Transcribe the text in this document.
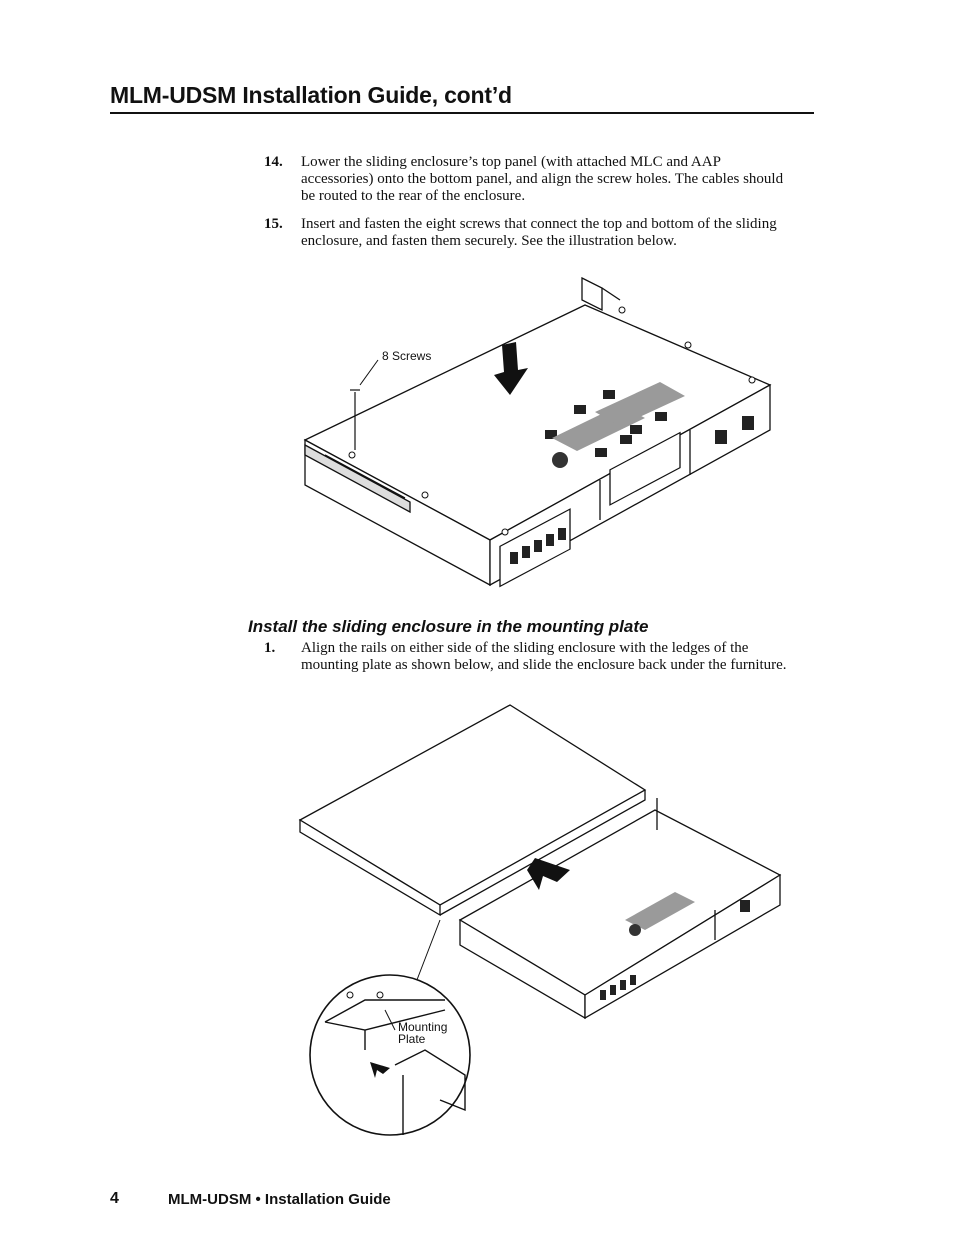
MLM-UDSM Installation Guide, cont’d
14. Lower the sliding enclosure’s top panel (with attached MLC and AAP accessories) onto the bottom panel, and align the screw holes. The cables should be routed to the rear of the enclosure.
15. Insert and fasten the eight screws that connect the top and bottom of the sliding enclosure, and fasten them securely. See the illustration below.
8 Screws
Install the sliding enclosure in the mounting plate
1. Align the rails on either side of the sliding enclosure with the ledges of the mounting plate as shown below, and slide the enclosure back under the furniture.
Mounting
Plate
4	MLM-UDSM • Installation Guide
